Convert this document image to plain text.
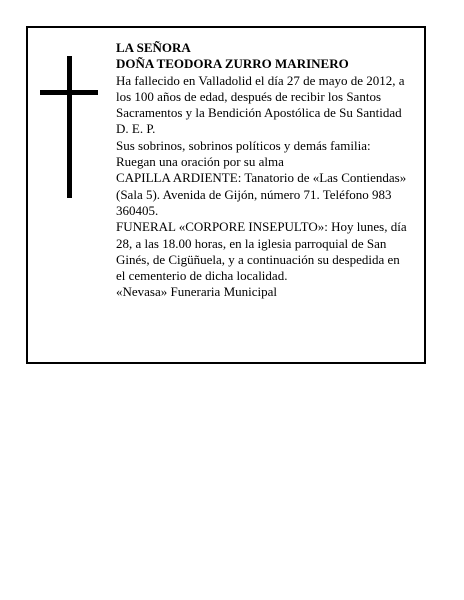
LA SEÑORA
DOÑA TEODORA ZURRO MARINERO
Ha fallecido en Valladolid el día 27 de mayo de 2012, a
los 100 años de edad, después de recibir los Santos
Sacramentos y la Bendición Apostólica de Su Santidad
D. E. P.
Sus sobrinos, sobrinos políticos y demás familia:
Ruegan una oración por su alma
CAPILLA ARDIENTE: Tanatorio de «Las Contiendas»
(Sala 5). Avenida de Gijón, número 71. Teléfono 983
360405.
FUNERAL «CORPORE INSEPULTO»: Hoy lunes, día
28, a las 18.00 horas, en la iglesia parroquial de San
Ginés, de Cigüñuela, y a continuación su despedida en
el cementerio de dicha localidad.
«Nevasa» Funeraria Municipal
